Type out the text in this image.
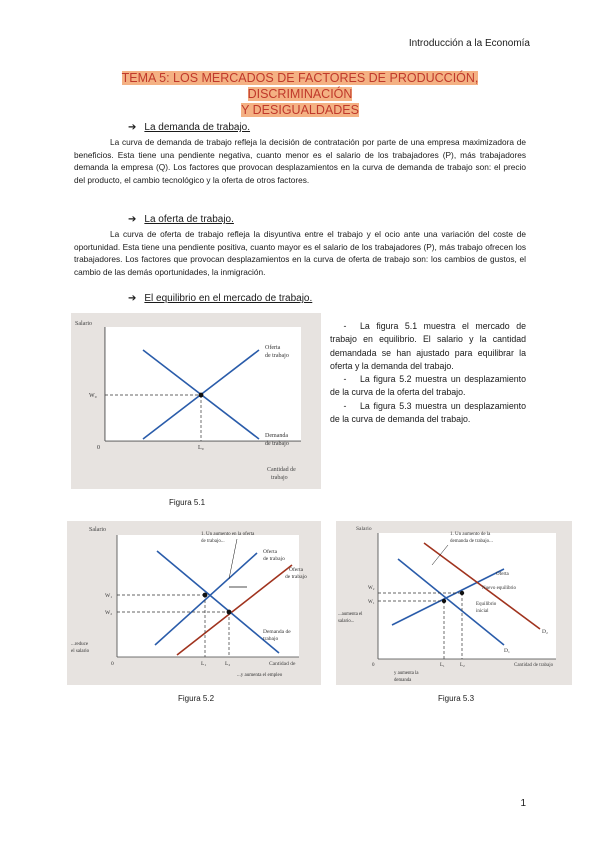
Introducción a la Economía
TEMA 5: LOS MERCADOS DE FACTORES DE PRODUCCIÓN, DISCRIMINACIÓN
Y DESIGUALDADES
➔ La demanda de trabajo.
La curva de demanda de trabajo refleja la decisión de contratación por parte de una empresa maximizadora de beneficios. Esta tiene una pendiente negativa, cuanto menor es el salario de los trabajadores (P), más trabajadores demanda la empresa (Q). Los factores que provocan desplazamientos en la curva de demanda de trabajo son: el precio del producto, el cambio tecnológico y la oferta de otros factores.
➔ La oferta de trabajo.
La curva de oferta de trabajo refleja la disyuntiva entre el trabajo y el ocio ante una variación del coste de oportunidad. Esta tiene una pendiente positiva, cuanto mayor es el salario de los trabajadores (P), más trabajo ofrecen los trabajadores. Los factores que provocan desplazamientos en la curva de oferta de trabajo son: los cambios de gustos, el cambio de las demás oportunidades, la inmigración.
➔ El equilibrio en el mercado de trabajo.
Salario
Oferta
de trabajo
Demanda
de trabajo
W₀
L₀
0
Cantidad de
trabajo
Figura 5.1

- La figura 5.1 muestra el mercado de trabajo en equilibrio. El salario y la cantidad demandada se han ajustado para equilibrar la oferta y la demanda del trabajo.

- La figura 5.2 muestra un desplazamiento de la curva de la oferta del trabajo.

- La figura 5.3 muestra un desplazamiento de la curva de demanda del trabajo.

Salario
1. Un aumento en la oferta
de trabajo...
Oferta
de trabajo
Oferta
de trabajo
Demanda de
trabajo
W₁
W₂
...reduce
el salario
0	L₁	L₂	Cantidad de
...y aumenta el empleo
Figura 5.2
Salario
1. Un aumento de la
demanda de trabajo...
Oferta
Nuevo equilibrio
Equilibrio
inicial
D₂
D₁
W₂
W₁
...aumenta el
salario...
0	L₁	L₂	Cantidad de trabajo
y aumenta la
demanda
Figura 5.3
1
